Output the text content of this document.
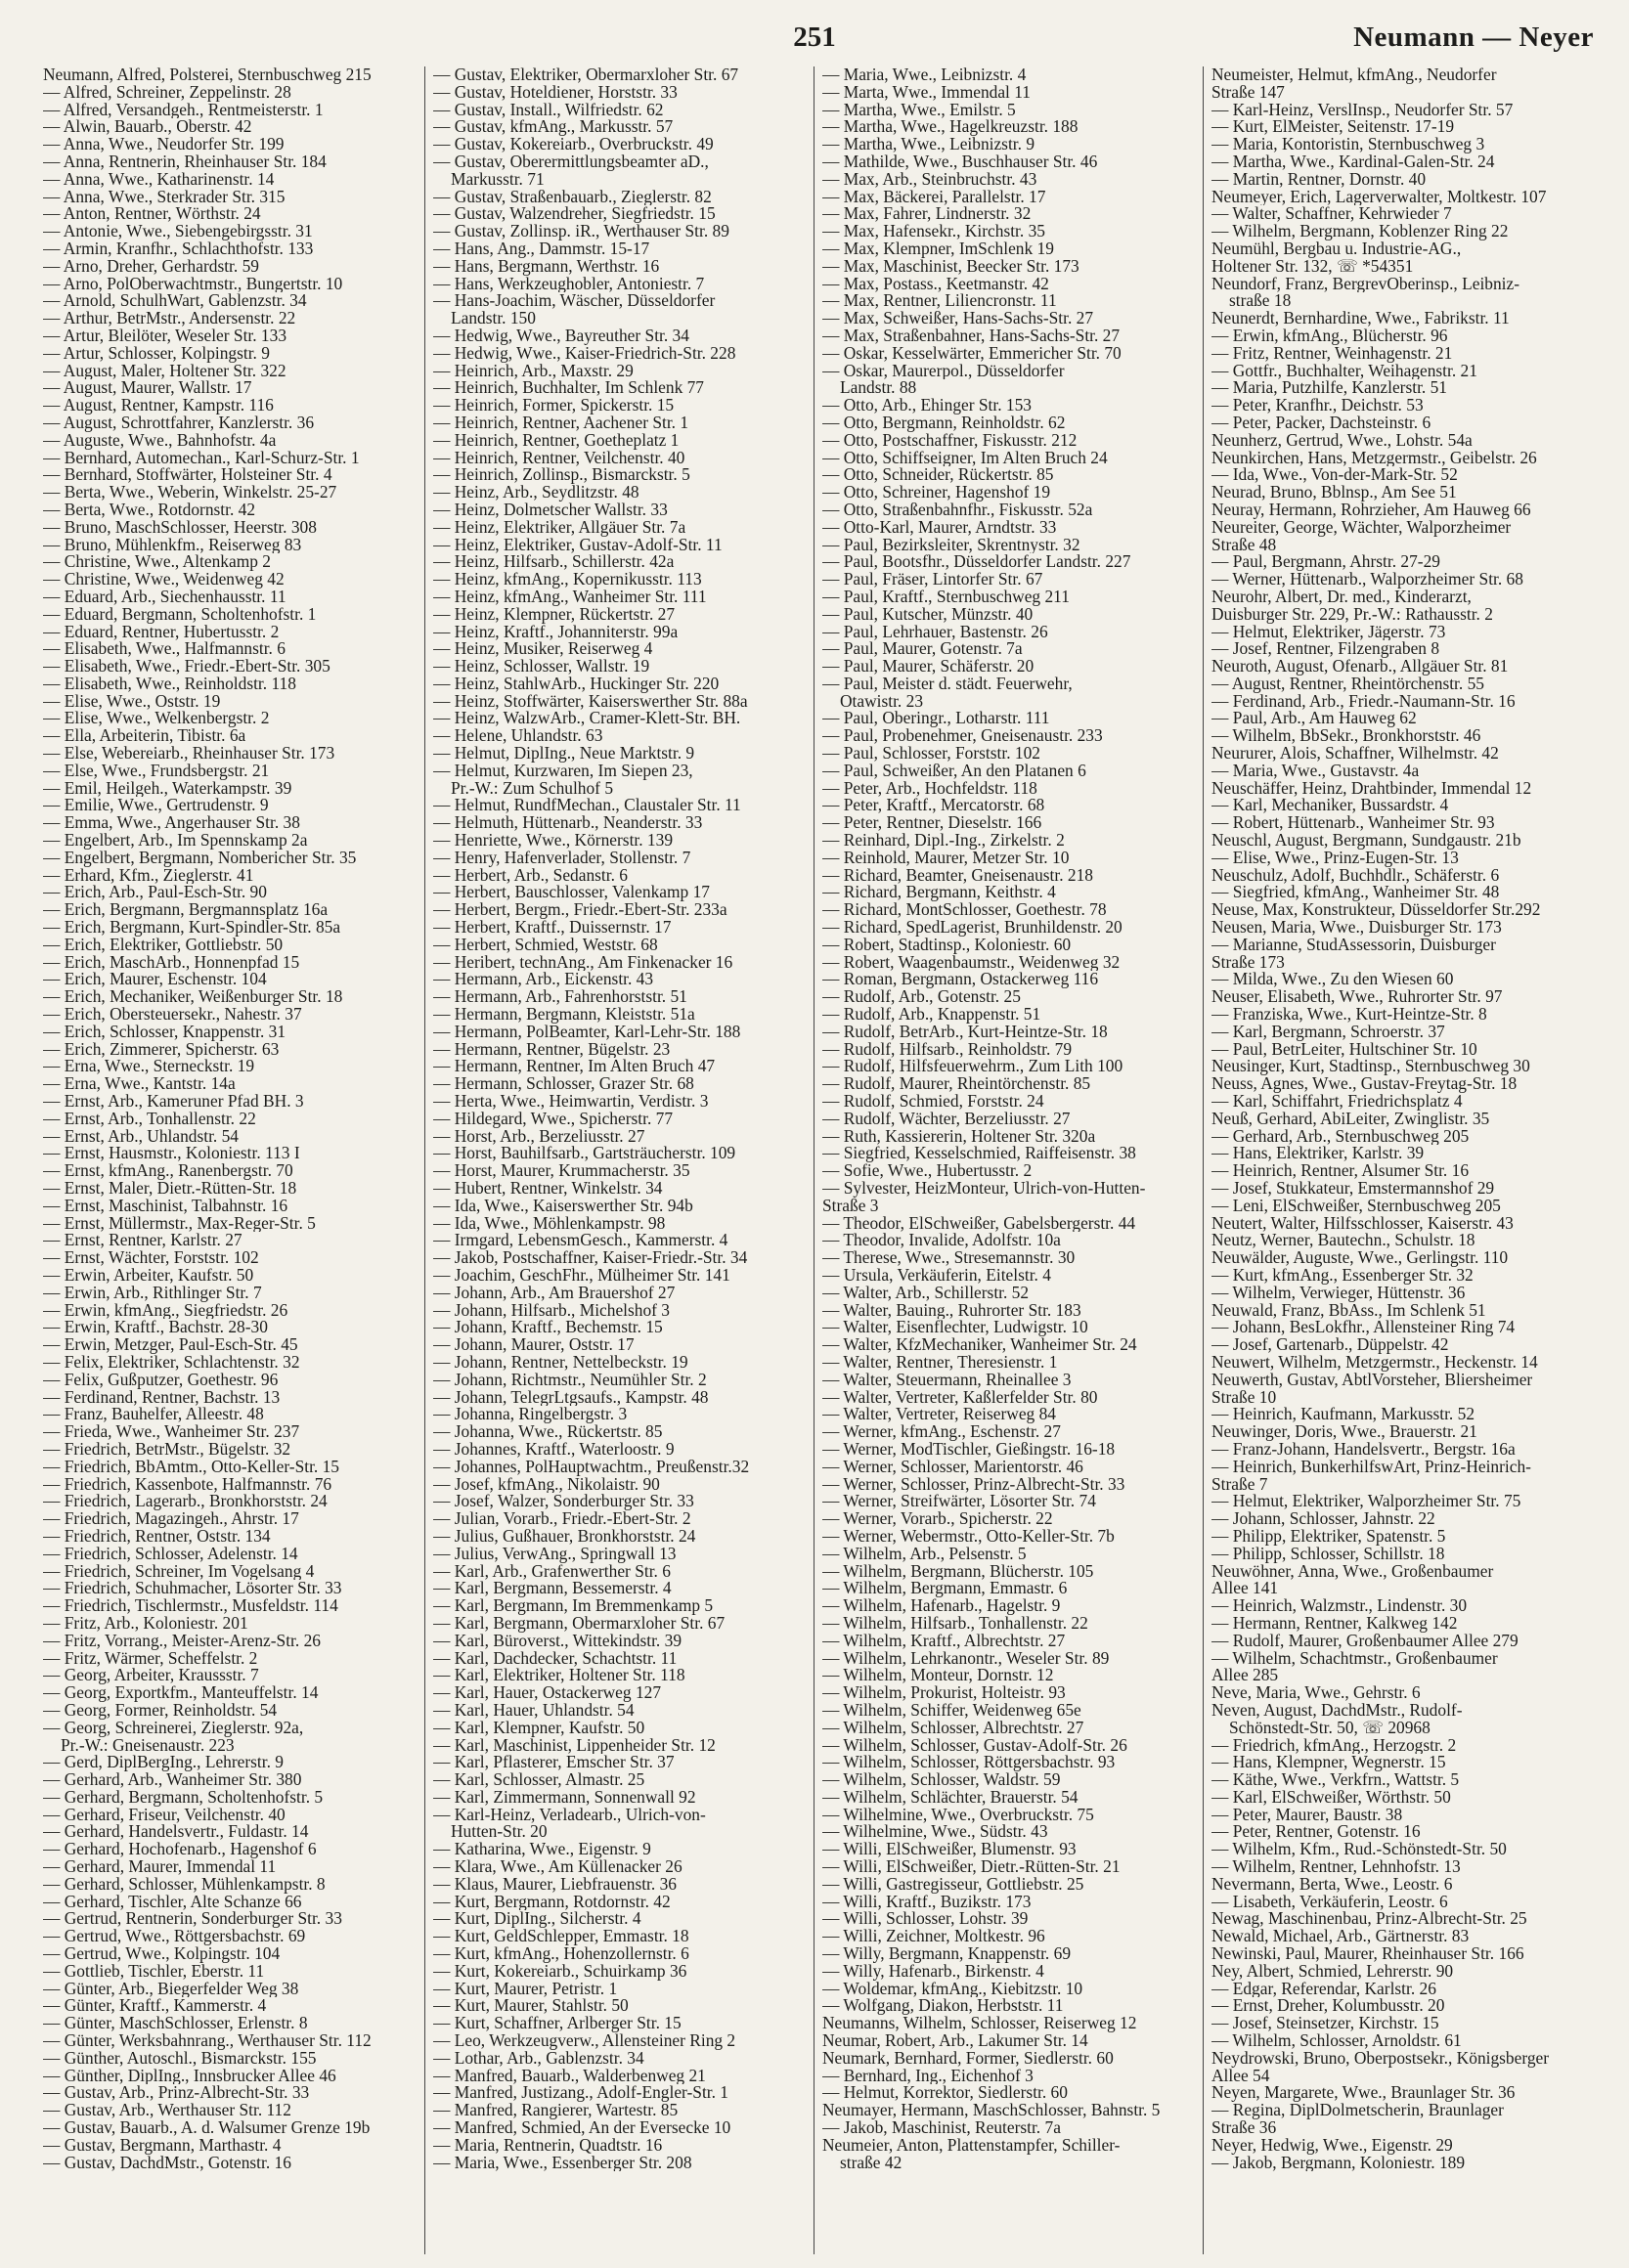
251	Neumann — Neyer
Neumann, Alfred, Polsterei, Sternbuschweg 215
— Alfred, Schreiner, Zeppelinstr. 28
— Alfred, Versandgeh., Rentmeisterstr. 1
— Alwin, Bauarb., Oberstr. 42
— Anna, Wwe., Neudorfer Str. 199
— Anna, Rentnerin, Rheinhauser Str. 184
— Anna, Wwe., Katharinenstr. 14
— Anna, Wwe., Sterkrader Str. 315
— Anton, Rentner, Wörthstr. 24
— Antonie, Wwe., Siebengebirgsstr. 31
— Armin, Kranfhr., Schlachthofstr. 133
— Arno, Dreher, Gerhardstr. 59
— Arno, PolOberwachtmstr., Bungertstr. 10
— Arnold, SchulhWart, Gablenzstr. 34
— Arthur, BetrMstr., Andersenstr. 22
— Artur, Bleilöter, Weseler Str. 133
— Artur, Schlosser, Kolpingstr. 9
— August, Maler, Holtener Str. 322
— August, Maurer, Wallstr. 17
— August, Rentner, Kampstr. 116
— August, Schrottfahrer, Kanzlerstr. 36
— Auguste, Wwe., Bahnhofstr. 4a
— Bernhard, Automechan., Karl-Schurz-Str. 1
— Bernhard, Stoffwärter, Holsteiner Str. 4
— Berta, Wwe., Weberin, Winkelstr. 25-27
— Berta, Wwe., Rotdornstr. 42
— Bruno, MaschSchlosser, Heerstr. 308
— Bruno, Mühlenkfm., Reiserweg 83
— Christine, Wwe., Altenkamp 2
— Christine, Wwe., Weidenweg 42
— Eduard, Arb., Siechenhausstr. 11
— Eduard, Bergmann, Scholtenhofstr. 1
— Eduard, Rentner, Hubertusstr. 2
— Elisabeth, Wwe., Halfmannstr. 6
— Elisabeth, Wwe., Friedr.-Ebert-Str. 305
— Elisabeth, Wwe., Reinholdstr. 118
— Elise, Wwe., Oststr. 19
— Elise, Wwe., Welkenbergstr. 2
— Ella, Arbeiterin, Tibistr. 6a
— Else, Webereiarb., Rheinhauser Str. 173
— Else, Wwe., Frundsbergstr. 21
— Emil, Heilgeh., Waterkampstr. 39
— Emilie, Wwe., Gertrudenstr. 9
— Emma, Wwe., Angerhauser Str. 38
— Engelbert, Arb., Im Spennskamp 2a
— Engelbert, Bergmann, Nombericher Str. 35
— Erhard, Kfm., Zieglerstr. 41
— Erich, Arb., Paul-Esch-Str. 90
— Erich, Bergmann, Bergmannsplatz 16a
— Erich, Bergmann, Kurt-Spindler-Str. 85a
— Erich, Elektriker, Gottliebstr. 50
— Erich, MaschArb., Honnenpfad 15
— Erich, Maurer, Eschenstr. 104
— Erich, Mechaniker, Weißenburger Str. 18
— Erich, Obersteuersekr., Nahestr. 37
— Erich, Schlosser, Knappenstr. 31
— Erich, Zimmerer, Spicherstr. 63
— Erna, Wwe., Sterneckstr. 19
— Erna, Wwe., Kantstr. 14a
— Ernst, Arb., Kameruner Pfad BH. 3
— Ernst, Arb., Tonhallenstr. 22
— Ernst, Arb., Uhlandstr. 54
— Ernst, Hausmstr., Koloniestr. 113 I
— Ernst, kfmAng., Ranenbergstr. 70
— Ernst, Maler, Dietr.-Rütten-Str. 18
— Ernst, Maschinist, Talbahnstr. 16
— Ernst, Müllermstr., Max-Reger-Str. 5
— Ernst, Rentner, Karlstr. 27
— Ernst, Wächter, Forststr. 102
— Erwin, Arbeiter, Kaufstr. 50
— Erwin, Arb., Rithlinger Str. 7
— Erwin, kfmAng., Siegfriedstr. 26
— Erwin, Kraftf., Bachstr. 28-30
— Erwin, Metzger, Paul-Esch-Str. 45
— Felix, Elektriker, Schlachtenstr. 32
— Felix, Gußputzer, Goethestr. 96
— Ferdinand, Rentner, Bachstr. 13
— Franz, Bauhelfer, Alleestr. 48
— Frieda, Wwe., Wanheimer Str. 237
— Friedrich, BetrMstr., Bügelstr. 32
— Friedrich, BbAmtm., Otto-Keller-Str. 15
— Friedrich, Kassenbote, Halfmannstr. 76
— Friedrich, Lagerarb., Bronkhorststr. 24
— Friedrich, Magazingeh., Ahrstr. 17
— Friedrich, Rentner, Oststr. 134
— Friedrich, Schlosser, Adelenstr. 14
— Friedrich, Schreiner, Im Vogelsang 4
— Friedrich, Schuhmacher, Lösorter Str. 33
— Friedrich, Tischlermstr., Musfeldstr. 114
— Fritz, Arb., Koloniestr. 201
— Fritz, Vorrang., Meister-Arenz-Str. 26
— Fritz, Wärmer, Scheffelstr. 2
— Georg, Arbeiter, Kraussstr. 7
— Georg, Exportkfm., Manteuffelstr. 14
— Georg, Former, Reinholdstr. 54
— Georg, Schreinerei, Zieglerstr. 92a,
Pr.-W.: Gneisenaustr. 223
— Gerd, DiplBergIng., Lehrerstr. 9
— Gerhard, Arb., Wanheimer Str. 380
— Gerhard, Bergmann, Scholtenhofstr. 5
— Gerhard, Friseur, Veilchenstr. 40
— Gerhard, Handelsvertr., Fuldastr. 14
— Gerhard, Hochofenarb., Hagenshof 6
— Gerhard, Maurer, Immendal 11
— Gerhard, Schlosser, Mühlenkampstr. 8
— Gerhard, Tischler, Alte Schanze 66
— Gertrud, Rentnerin, Sonderburger Str. 33
— Gertrud, Wwe., Röttgersbachstr. 69
— Gertrud, Wwe., Kolpingstr. 104
— Gottlieb, Tischler, Eberstr. 11
— Günter, Arb., Biegerfelder Weg 38
— Günter, Kraftf., Kammerstr. 4
— Günter, MaschSchlosser, Erlenstr. 8
— Günter, Werksbahnrang., Werthauser Str. 112
— Günther, Autoschl., Bismarckstr. 155
— Günther, DiplIng., Innsbrucker Allee 46
— Gustav, Arb., Prinz-Albrecht-Str. 33
— Gustav, Arb., Werthauser Str. 112
— Gustav, Bauarb., A. d. Walsumer Grenze 19b
— Gustav, Bergmann, Marthastr. 4
— Gustav, DachdMstr., Gotenstr. 16
— Gustav, Elektriker, Obermarxloher Str. 67
— Gustav, Hoteldiener, Horststr. 33
— Gustav, Install., Wilfriedstr. 62
— Gustav, kfmAng., Markusstr. 57
— Gustav, Kokereiarb., Overbruckstr. 49
— Gustav, Oberermittlungsbeamter aD.,
Markusstr. 71
— Gustav, Straßenbauarb., Zieglerstr. 82
— Gustav, Walzendreher, Siegfriedstr. 15
— Gustav, Zollinsp. iR., Werthauser Str. 89
— Hans, Ang., Dammstr. 15-17
— Hans, Bergmann, Werthstr. 16
— Hans, Werkzeughobler, Antoniestr. 7
— Hans-Joachim, Wäscher, Düsseldorfer
Landstr. 150
— Hedwig, Wwe., Bayreuther Str. 34
— Hedwig, Wwe., Kaiser-Friedrich-Str. 228
— Heinrich, Arb., Maxstr. 29
— Heinrich, Buchhalter, Im Schlenk 77
— Heinrich, Former, Spickerstr. 15
— Heinrich, Rentner, Aachener Str. 1
— Heinrich, Rentner, Goetheplatz 1
— Heinrich, Rentner, Veilchenstr. 40
— Heinrich, Zollinsp., Bismarckstr. 5
— Heinz, Arb., Seydlitzstr. 48
— Heinz, Dolmetscher Wallstr. 33
— Heinz, Elektriker, Allgäuer Str. 7a
— Heinz, Elektriker, Gustav-Adolf-Str. 11
— Heinz, Hilfsarb., Schillerstr. 42a
— Heinz, kfmAng., Kopernikusstr. 113
— Heinz, kfmAng., Wanheimer Str. 111
— Heinz, Klempner, Rückertstr. 27
— Heinz, Kraftf., Johanniterstr. 99a
— Heinz, Musiker, Reiserweg 4
— Heinz, Schlosser, Wallstr. 19
— Heinz, StahlwArb., Huckinger Str. 220
— Heinz, Stoffwärter, Kaiserswerther Str. 88a
— Heinz, WalzwArb., Cramer-Klett-Str. BH.
— Helene, Uhlandstr. 63
— Helmut, DiplIng., Neue Marktstr. 9
— Helmut, Kurzwaren, Im Siepen 23,
Pr.-W.: Zum Schulhof 5
— Helmut, RundfMechan., Claustaler Str. 11
— Helmuth, Hüttenarb., Neanderstr. 33
— Henriette, Wwe., Körnerstr. 139
— Henry, Hafenverlader, Stollenstr. 7
— Herbert, Arb., Sedanstr. 6
— Herbert, Bauschlosser, Valenkamp 17
— Herbert, Bergm., Friedr.-Ebert-Str. 233a
— Herbert, Kraftf., Duissernstr. 17
— Herbert, Schmied, Weststr. 68
— Heribert, technAng., Am Finkenacker 16
— Hermann, Arb., Eickenstr. 43
— Hermann, Arb., Fahrenhorststr. 51
— Hermann, Bergmann, Kleiststr. 51a
— Hermann, PolBeamter, Karl-Lehr-Str. 188
— Hermann, Rentner, Bügelstr. 23
— Hermann, Rentner, Im Alten Bruch 47
— Hermann, Schlosser, Grazer Str. 68
— Herta, Wwe., Heimwartin, Verdistr. 3
— Hildegard, Wwe., Spicherstr. 77
— Horst, Arb., Berzeliusstr. 27
— Horst, Bauhilfsarb., Gartsträucherstr. 109
— Horst, Maurer, Krummacherstr. 35
— Hubert, Rentner, Winkelstr. 34
— Ida, Wwe., Kaiserswerther Str. 94b
— Ida, Wwe., Möhlenkampstr. 98
— Irmgard, LebensmGesch., Kammerstr. 4
— Jakob, Postschaffner, Kaiser-Friedr.-Str. 34
— Joachim, GeschFhr., Mülheimer Str. 141
— Johann, Arb., Am Brauershof 27
— Johann, Hilfsarb., Michelshof 3
— Johann, Kraftf., Bechemstr. 15
— Johann, Maurer, Oststr. 17
— Johann, Rentner, Nettelbeckstr. 19
— Johann, Richtmstr., Neumühler Str. 2
— Johann, TelegrLtgsaufs., Kampstr. 48
— Johanna, Ringelbergstr. 3
— Johanna, Wwe., Rückertstr. 85
— Johannes, Kraftf., Waterloostr. 9
— Johannes, PolHauptwachtm., Preußenstr.32
— Josef, kfmAng., Nikolaistr. 90
— Josef, Walzer, Sonderburger Str. 33
— Julian, Vorarb., Friedr.-Ebert-Str. 2
— Julius, Gußhauer, Bronkhorststr. 24
— Julius, VerwAng., Springwall 13
— Karl, Arb., Grafenwerther Str. 6
— Karl, Bergmann, Bessemerstr. 4
— Karl, Bergmann, Im Bremmenkamp 5
— Karl, Bergmann, Obermarxloher Str. 67
— Karl, Büroverst., Wittekindstr. 39
— Karl, Dachdecker, Schachtstr. 11
— Karl, Elektriker, Holtener Str. 118
— Karl, Hauer, Ostackerweg 127
— Karl, Hauer, Uhlandstr. 54
— Karl, Klempner, Kaufstr. 50
— Karl, Maschinist, Lippenheider Str. 12
— Karl, Pflasterer, Emscher Str. 37
— Karl, Schlosser, Almastr. 25
— Karl, Zimmermann, Sonnenwall 92
— Karl-Heinz, Verladearb., Ulrich-von-
Hutten-Str. 20
— Katharina, Wwe., Eigenstr. 9
— Klara, Wwe., Am Küllenacker 26
— Klaus, Maurer, Liebfrauenstr. 36
— Kurt, Bergmann, Rotdornstr. 42
— Kurt, DiplIng., Silcherstr. 4
— Kurt, GeldSchlepper, Emmastr. 18
— Kurt, kfmAng., Hohenzollernstr. 6
— Kurt, Kokereiarb., Schuirkamp 36
— Kurt, Maurer, Petristr. 1
— Kurt, Maurer, Stahlstr. 50
— Kurt, Schaffner, Arlberger Str. 15
— Leo, Werkzeugverw., Allensteiner Ring 2
— Lothar, Arb., Gablenzstr. 34
— Manfred, Bauarb., Walderbenweg 21
— Manfred, Justizang., Adolf-Engler-Str. 1
— Manfred, Rangierer, Wartestr. 85
— Manfred, Schmied, An der Eversecke 10
— Maria, Rentnerin, Quadtstr. 16
— Maria, Wwe., Essenberger Str. 208
— Maria, Wwe., Leibnizstr. 4
— Marta, Wwe., Immendal 11
— Martha, Wwe., Emilstr. 5
— Martha, Wwe., Hagelkreuzstr. 188
— Martha, Wwe., Leibnizstr. 9
— Mathilde, Wwe., Buschhauser Str. 46
— Max, Arb., Steinbruchstr. 43
— Max, Bäckerei, Parallelstr. 17
— Max, Fahrer, Lindnerstr. 32
— Max, Hafensekr., Kirchstr. 35
— Max, Klempner, ImSchlenk 19
— Max, Maschinist, Beecker Str. 173
— Max, Postass., Keetmanstr. 42
— Max, Rentner, Liliencronstr. 11
— Max, Schweißer, Hans-Sachs-Str. 27
— Max, Straßenbahner, Hans-Sachs-Str. 27
— Oskar, Kesselwärter, Emmericher Str. 70
— Oskar, Maurerpol., Düsseldorfer
Landstr. 88
— Otto, Arb., Ehinger Str. 153
— Otto, Bergmann, Reinholdstr. 62
— Otto, Postschaffner, Fiskusstr. 212
— Otto, Schiffseigner, Im Alten Bruch 24
— Otto, Schneider, Rückertstr. 85
— Otto, Schreiner, Hagenshof 19
— Otto, Straßenbahnfhr., Fiskusstr. 52a
— Otto-Karl, Maurer, Arndtstr. 33
— Paul, Bezirksleiter, Skrentnystr. 32
— Paul, Bootsfhr., Düsseldorfer Landstr. 227
— Paul, Fräser, Lintorfer Str. 67
— Paul, Kraftf., Sternbuschweg 211
— Paul, Kutscher, Münzstr. 40
— Paul, Lehrhauer, Bastenstr. 26
— Paul, Maurer, Gotenstr. 7a
— Paul, Maurer, Schäferstr. 20
— Paul, Meister d. städt. Feuerwehr,
Otawistr. 23
— Paul, Oberingr., Lotharstr. 111
— Paul, Probenehmer, Gneisenaustr. 233
— Paul, Schlosser, Forststr. 102
— Paul, Schweißer, An den Platanen 6
— Peter, Arb., Hochfeldstr. 118
— Peter, Kraftf., Mercatorstr. 68
— Peter, Rentner, Dieselstr. 166
— Reinhard, Dipl.-Ing., Zirkelstr. 2
— Reinhold, Maurer, Metzer Str. 10
— Richard, Beamter, Gneisenaustr. 218
— Richard, Bergmann, Keithstr. 4
— Richard, MontSchlosser, Goethestr. 78
— Richard, SpedLagerist, Brunhildenstr. 20
— Robert, Stadtinsp., Koloniestr. 60
— Robert, Waagenbaumstr., Weidenweg 32
— Roman, Bergmann, Ostackerweg 116
— Rudolf, Arb., Gotenstr. 25
— Rudolf, Arb., Knappenstr. 51
— Rudolf, BetrArb., Kurt-Heintze-Str. 18
— Rudolf, Hilfsarb., Reinholdstr. 79
— Rudolf, Hilfsfeuerwehrm., Zum Lith 100
— Rudolf, Maurer, Rheintörchenstr. 85
— Rudolf, Schmied, Forststr. 24
— Rudolf, Wächter, Berzeliusstr. 27
— Ruth, Kassiererin, Holtener Str. 320a
— Siegfried, Kesselschmied, Raiffeisenstr. 38
— Sofie, Wwe., Hubertusstr. 2
— Sylvester, HeizMonteur, Ulrich-von-Hutten-
Straße 3
— Theodor, ElSchweißer, Gabelsbergerstr. 44
— Theodor, Invalide, Adolfstr. 10a
— Therese, Wwe., Stresemannstr. 30
— Ursula, Verkäuferin, Eitelstr. 4
— Walter, Arb., Schillerstr. 52
— Walter, Bauing., Ruhrorter Str. 183
— Walter, Eisenflechter, Ludwigstr. 10
— Walter, KfzMechaniker, Wanheimer Str. 24
— Walter, Rentner, Theresienstr. 1
— Walter, Steuermann, Rheinallee 3
— Walter, Vertreter, Kaßlerfelder Str. 80
— Walter, Vertreter, Reiserweg 84
— Werner, kfmAng., Eschenstr. 27
— Werner, ModTischler, Gießingstr. 16-18
— Werner, Schlosser, Marientorstr. 46
— Werner, Schlosser, Prinz-Albrecht-Str. 33
— Werner, Streifwärter, Lösorter Str. 74
— Werner, Vorarb., Spicherstr. 22
— Werner, Webermstr., Otto-Keller-Str. 7b
— Wilhelm, Arb., Pelsenstr. 5
— Wilhelm, Bergmann, Blücherstr. 105
— Wilhelm, Bergmann, Emmastr. 6
— Wilhelm, Hafenarb., Hagelstr. 9
— Wilhelm, Hilfsarb., Tonhallenstr. 22
— Wilhelm, Kraftf., Albrechtstr. 27
— Wilhelm, Lehrkanontr., Weseler Str. 89
— Wilhelm, Monteur, Dornstr. 12
— Wilhelm, Prokurist, Holteistr. 93
— Wilhelm, Schiffer, Weidenweg 65e
— Wilhelm, Schlosser, Albrechtstr. 27
— Wilhelm, Schlosser, Gustav-Adolf-Str. 26
— Wilhelm, Schlosser, Röttgersbachstr. 93
— Wilhelm, Schlosser, Waldstr. 59
— Wilhelm, Schlächter, Brauerstr. 54
— Wilhelmine, Wwe., Overbruckstr. 75
— Wilhelmine, Wwe., Südstr. 43
— Willi, ElSchweißer, Blumenstr. 93
— Willi, ElSchweißer, Dietr.-Rütten-Str. 21
— Willi, Gastregisseur, Gottliebstr. 25
— Willi, Kraftf., Buzikstr. 173
— Willi, Schlosser, Lohstr. 39
— Willi, Zeichner, Moltkestr. 96
— Willy, Bergmann, Knappenstr. 69
— Willy, Hafenarb., Birkenstr. 4
— Woldemar, kfmAng., Kiebitzstr. 10
— Wolfgang, Diakon, Herbststr. 11
Neumanns, Wilhelm, Schlosser, Reiserweg 12
Neumar, Robert, Arb., Lakumer Str. 14
Neumark, Bernhard, Former, Siedlerstr. 60
— Bernhard, Ing., Eichenhof 3
— Helmut, Korrektor, Siedlerstr. 60
Neumayer, Hermann, MaschSchlosser, Bahnstr. 5
— Jakob, Maschinist, Reuterstr. 7a
Neumeier, Anton, Plattenstampfer, Schiller-
straße 42
Neumeister, Helmut, kfmAng., Neudorfer
Straße 147
— Karl-Heinz, VerslInsp., Neudorfer Str. 57
— Kurt, ElMeister, Seitenstr. 17-19
— Maria, Kontoristin, Sternbuschweg 3
— Martha, Wwe., Kardinal-Galen-Str. 24
— Martin, Rentner, Dornstr. 40
Neumeyer, Erich, Lagerverwalter, Moltkestr. 107
— Walter, Schaffner, Kehrwieder 7
— Wilhelm, Bergmann, Koblenzer Ring 22
Neumühl, Bergbau u. Industrie-AG.,
Holtener Str. 132, ☏ *54351
Neundorf, Franz, BergrevOberinsp., Leibniz-
straße 18
Neunerdt, Bernhardine, Wwe., Fabrikstr. 11
— Erwin, kfmAng., Blücherstr. 96
— Fritz, Rentner, Weinhagenstr. 21
— Gottfr., Buchhalter, Weihagenstr. 21
— Maria, Putzhilfe, Kanzlerstr. 51
— Peter, Kranfhr., Deichstr. 53
— Peter, Packer, Dachsteinstr. 6
Neunherz, Gertrud, Wwe., Lohstr. 54a
Neunkirchen, Hans, Metzgermstr., Geibelstr. 26
— Ida, Wwe., Von-der-Mark-Str. 52
Neurad, Bruno, Bblnsp., Am See 51
Neuray, Hermann, Rohrzieher, Am Hauweg 66
Neureiter, George, Wächter, Walporzheimer
Straße 48
— Paul, Bergmann, Ahrstr. 27-29
— Werner, Hüttenarb., Walporzheimer Str. 68
Neurohr, Albert, Dr. med., Kinderarzt,
Duisburger Str. 229, Pr.-W.: Rathausstr. 2
— Helmut, Elektriker, Jägerstr. 73
— Josef, Rentner, Filzengraben 8
Neuroth, August, Ofenarb., Allgäuer Str. 81
— August, Rentner, Rheintörchenstr. 55
— Ferdinand, Arb., Friedr.-Naumann-Str. 16
— Paul, Arb., Am Hauweg 62
— Wilhelm, BbSekr., Bronkhorststr. 46
Neururer, Alois, Schaffner, Wilhelmstr. 42
— Maria, Wwe., Gustavstr. 4a
Neuschäffer, Heinz, Drahtbinder, Immendal 12
— Karl, Mechaniker, Bussardstr. 4
— Robert, Hüttenarb., Wanheimer Str. 93
Neuschl, August, Bergmann, Sundgaustr. 21b
— Elise, Wwe., Prinz-Eugen-Str. 13
Neuschulz, Adolf, Buchhdlr., Schäferstr. 6
— Siegfried, kfmAng., Wanheimer Str. 48
Neuse, Max, Konstrukteur, Düsseldorfer Str.292
Neusen, Maria, Wwe., Duisburger Str. 173
— Marianne, StudAssessorin, Duisburger
Straße 173
— Milda, Wwe., Zu den Wiesen 60
Neuser, Elisabeth, Wwe., Ruhrorter Str. 97
— Franziska, Wwe., Kurt-Heintze-Str. 8
— Karl, Bergmann, Schroerstr. 37
— Paul, BetrLeiter, Hultschiner Str. 10
Neusinger, Kurt, Stadtinsp., Sternbuschweg 30
Neuss, Agnes, Wwe., Gustav-Freytag-Str. 18
— Karl, Schiffahrt, Friedrichsplatz 4
Neuß, Gerhard, AbiLeiter, Zwinglistr. 35
— Gerhard, Arb., Sternbuschweg 205
— Hans, Elektriker, Karlstr. 39
— Heinrich, Rentner, Alsumer Str. 16
— Josef, Stukkateur, Emstermannshof 29
— Leni, ElSchweißer, Sternbuschweg 205
Neutert, Walter, Hilfsschlosser, Kaiserstr. 43
Neutz, Werner, Bautechn., Schulstr. 18
Neuwälder, Auguste, Wwe., Gerlingstr. 110
— Kurt, kfmAng., Essenberger Str. 32
— Wilhelm, Verwieger, Hüttenstr. 36
Neuwald, Franz, BbAss., Im Schlenk 51
— Johann, BesLokfhr., Allensteiner Ring 74
— Josef, Gartenarb., Düppelstr. 42
Neuwert, Wilhelm, Metzgermstr., Heckenstr. 14
Neuwerth, Gustav, AbtlVorsteher, Bliersheimer
Straße 10
— Heinrich, Kaufmann, Markusstr. 52
Neuwinger, Doris, Wwe., Brauerstr. 21
— Franz-Johann, Handelsvertr., Bergstr. 16a
— Heinrich, BunkerhilfswArt, Prinz-Heinrich-
Straße 7
— Helmut, Elektriker, Walporzheimer Str. 75
— Johann, Schlosser, Jahnstr. 22
— Philipp, Elektriker, Spatenstr. 5
— Philipp, Schlosser, Schillstr. 18
Neuwöhner, Anna, Wwe., Großenbaumer
Allee 141
— Heinrich, Walzmstr., Lindenstr. 30
— Hermann, Rentner, Kalkweg 142
— Rudolf, Maurer, Großenbaumer Allee 279
— Wilhelm, Schachtmstr., Großenbaumer
Allee 285
Neve, Maria, Wwe., Gehrstr. 6
Neven, August, DachdMstr., Rudolf-
Schönstedt-Str. 50, ☏ 20968
— Friedrich, kfmAng., Herzogstr. 2
— Hans, Klempner, Wegnerstr. 15
— Käthe, Wwe., Verkfrn., Wattstr. 5
— Karl, ElSchweißer, Wörthstr. 50
— Peter, Maurer, Baustr. 38
— Peter, Rentner, Gotenstr. 16
— Wilhelm, Kfm., Rud.-Schönstedt-Str. 50
— Wilhelm, Rentner, Lehnhofstr. 13
Nevermann, Berta, Wwe., Leostr. 6
— Lisabeth, Verkäuferin, Leostr. 6
Newag, Maschinenbau, Prinz-Albrecht-Str. 25
Newald, Michael, Arb., Gärtnerstr. 83
Newinski, Paul, Maurer, Rheinhauser Str. 166
Ney, Albert, Schmied, Lehrerstr. 90
— Edgar, Referendar, Karlstr. 26
— Ernst, Dreher, Kolumbusstr. 20
— Josef, Steinsetzer, Kirchstr. 15
— Wilhelm, Schlosser, Arnoldstr. 61
Neydrowski, Bruno, Oberpostsekr., Königsberger
Allee 54
Neyen, Margarete, Wwe., Braunlager Str. 36
— Regina, DiplDolmetscherin, Braunlager
Straße 36
Neyer, Hedwig, Wwe., Eigenstr. 29
— Jakob, Bergmann, Koloniestr. 189
